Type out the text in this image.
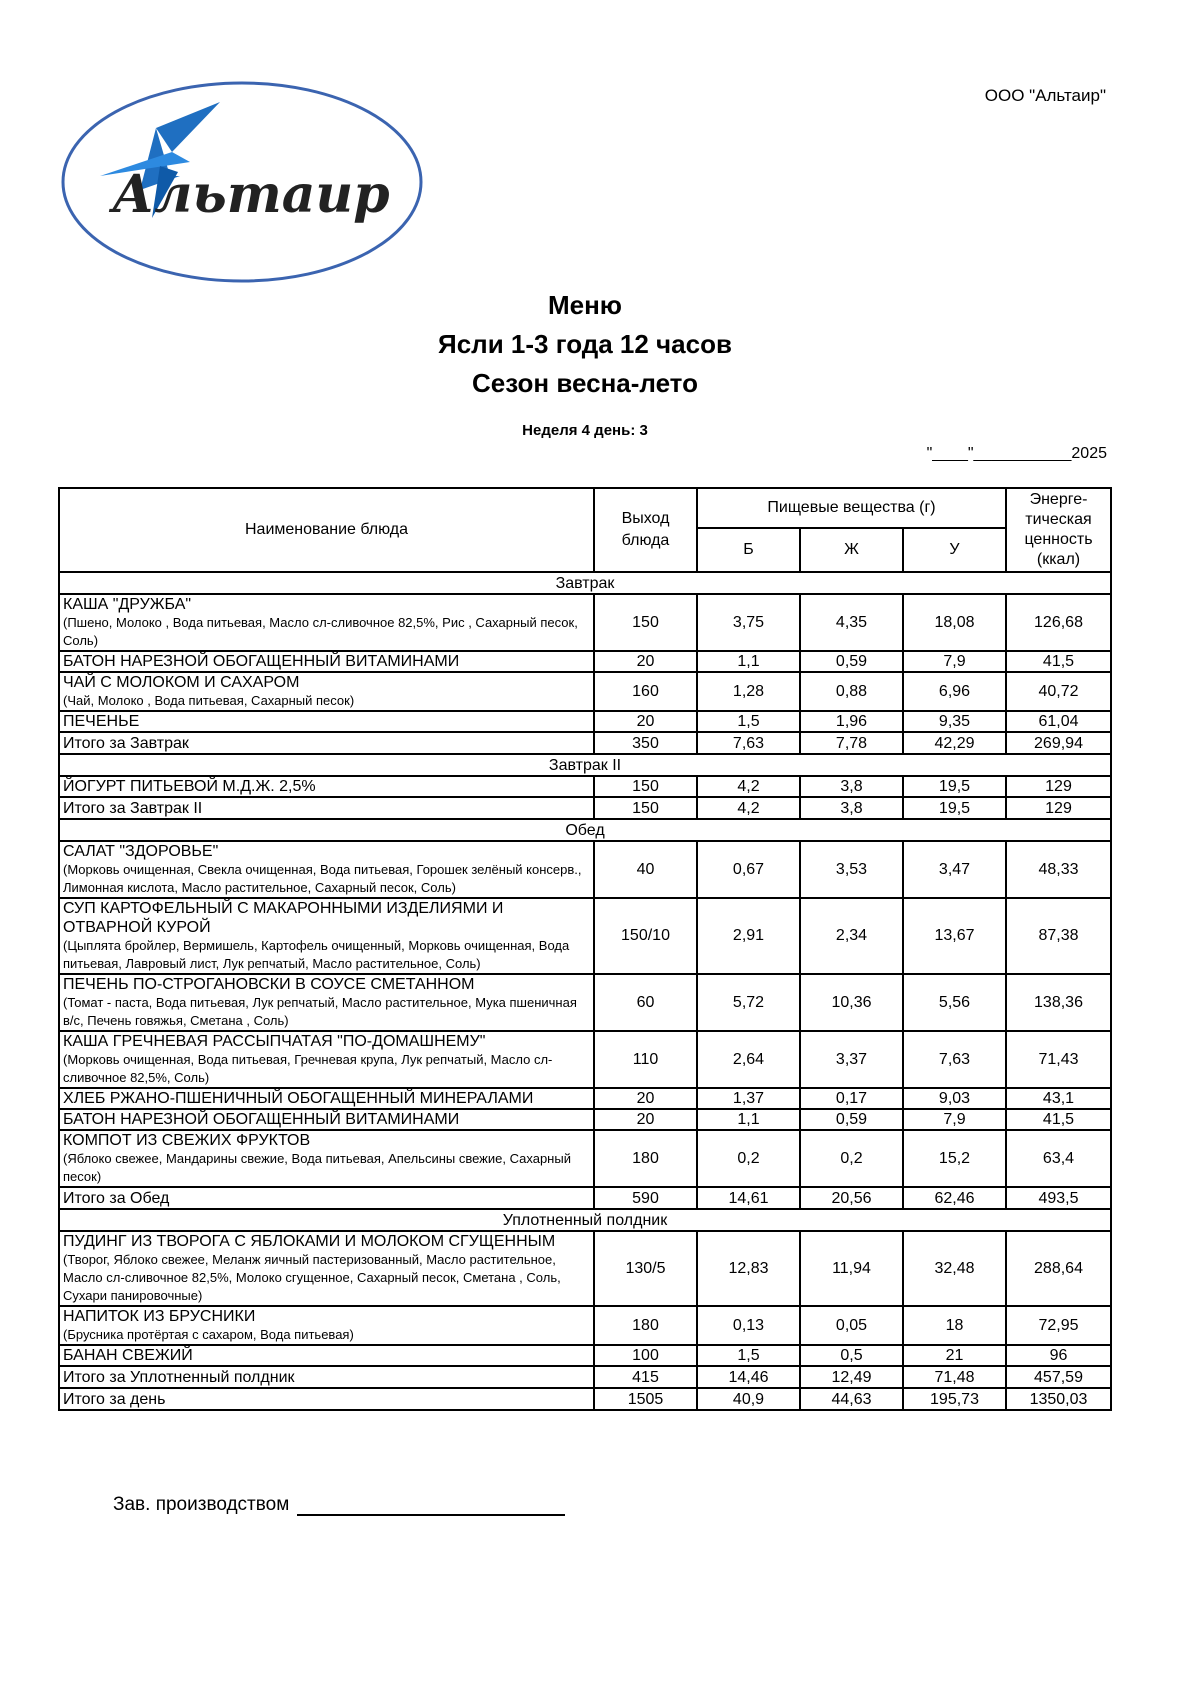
Альтаир
ООО "Альтаир"
Меню
Ясли 1-3 года 12 часов
Сезон весна-лето
Неделя 4 день: 3
"____"___________2025
Наименование блюда	Выход блюда	Пищевые вещества (г)			Энерге-тическая ценность (ккал)
		Б	Ж	У	
Завтрак					

КАША "ДРУЖБА"
(Пшено, Молоко , Вода питьевая, Масло сл-сливочное 82,5%, Рис , Сахарный песок, Соль)	150	3,75	4,35	18,08	126,68

БАТОН НАРЕЗНОЙ ОБОГАЩЕННЫЙ ВИТАМИНАМИ	20	1,1	0,59	7,9	41,5

ЧАЙ С МОЛОКОМ И САХАРОМ
(Чай, Молоко , Вода питьевая, Сахарный песок)	160	1,28	0,88	6,96	40,72

ПЕЧЕНЬЕ	20	1,5	1,96	9,35	61,04
Итого за Завтрак	350	7,63	7,78	42,29	269,94
Завтрак II					

ЙОГУРТ ПИТЬЕВОЙ М.Д.Ж. 2,5%	150	4,2	3,8	19,5	129
Итого за Завтрак II	150	4,2	3,8	19,5	129
Обед					

САЛАТ "ЗДОРОВЬЕ"
(Морковь очищенная, Свекла очищенная, Вода питьевая, Горошек зелёный консерв., Лимонная кислота, Масло растительное, Сахарный песок, Соль)	40	0,67	3,53	3,47	48,33

СУП КАРТОФЕЛЬНЫЙ С МАКАРОННЫМИ ИЗДЕЛИЯМИ И ОТВАРНОЙ КУРОЙ
(Цыплята бройлер, Вермишель, Картофель очищенный, Морковь очищенная, Вода питьевая, Лавровый лист, Лук репчатый, Масло растительное, Соль)	150/10	2,91	2,34	13,67	87,38

ПЕЧЕНЬ ПО-СТРОГАНОВСКИ В СОУСЕ СМЕТАННОМ
(Томат - паста, Вода питьевая, Лук репчатый, Масло растительное, Мука пшеничная в/с, Печень говяжья, Сметана , Соль)	60	5,72	10,36	5,56	138,36

КАША ГРЕЧНЕВАЯ РАССЫПЧАТАЯ "ПО-ДОМАШНЕМУ"
(Морковь очищенная, Вода питьевая, Гречневая крупа, Лук репчатый, Масло сл-сливочное 82,5%, Соль)	110	2,64	3,37	7,63	71,43

ХЛЕБ РЖАНО-ПШЕНИЧНЫЙ ОБОГАЩЕННЫЙ МИНЕРАЛАМИ	20	1,37	0,17	9,03	43,1

БАТОН НАРЕЗНОЙ ОБОГАЩЕННЫЙ ВИТАМИНАМИ	20	1,1	0,59	7,9	41,5

КОМПОТ ИЗ СВЕЖИХ ФРУКТОВ
(Яблоко свежее, Мандарины свежие, Вода питьевая, Апельсины свежие, Сахарный песок)	180	0,2	0,2	15,2	63,4
Итого за Обед	590	14,61	20,56	62,46	493,5
Уплотненный полдник					

ПУДИНГ ИЗ ТВОРОГА С ЯБЛОКАМИ И МОЛОКОМ СГУЩЕННЫМ
(Творог, Яблоко свежее, Меланж яичный пастеризованный, Масло растительное, Масло сл-сливочное 82,5%, Молоко сгущенное, Сахарный песок, Сметана , Соль, Сухари панировочные)	130/5	12,83	11,94	32,48	288,64

НАПИТОК ИЗ БРУСНИКИ
(Брусника протёртая с сахаром, Вода питьевая)	180	0,13	0,05	18	72,95

БАНАН СВЕЖИЙ	100	1,5	0,5	21	96
Итого за Уплотненный полдник	415	14,46	12,49	71,48	457,59
Итого за день	1505	40,9	44,63	195,73	1350,03
Зав. производством
